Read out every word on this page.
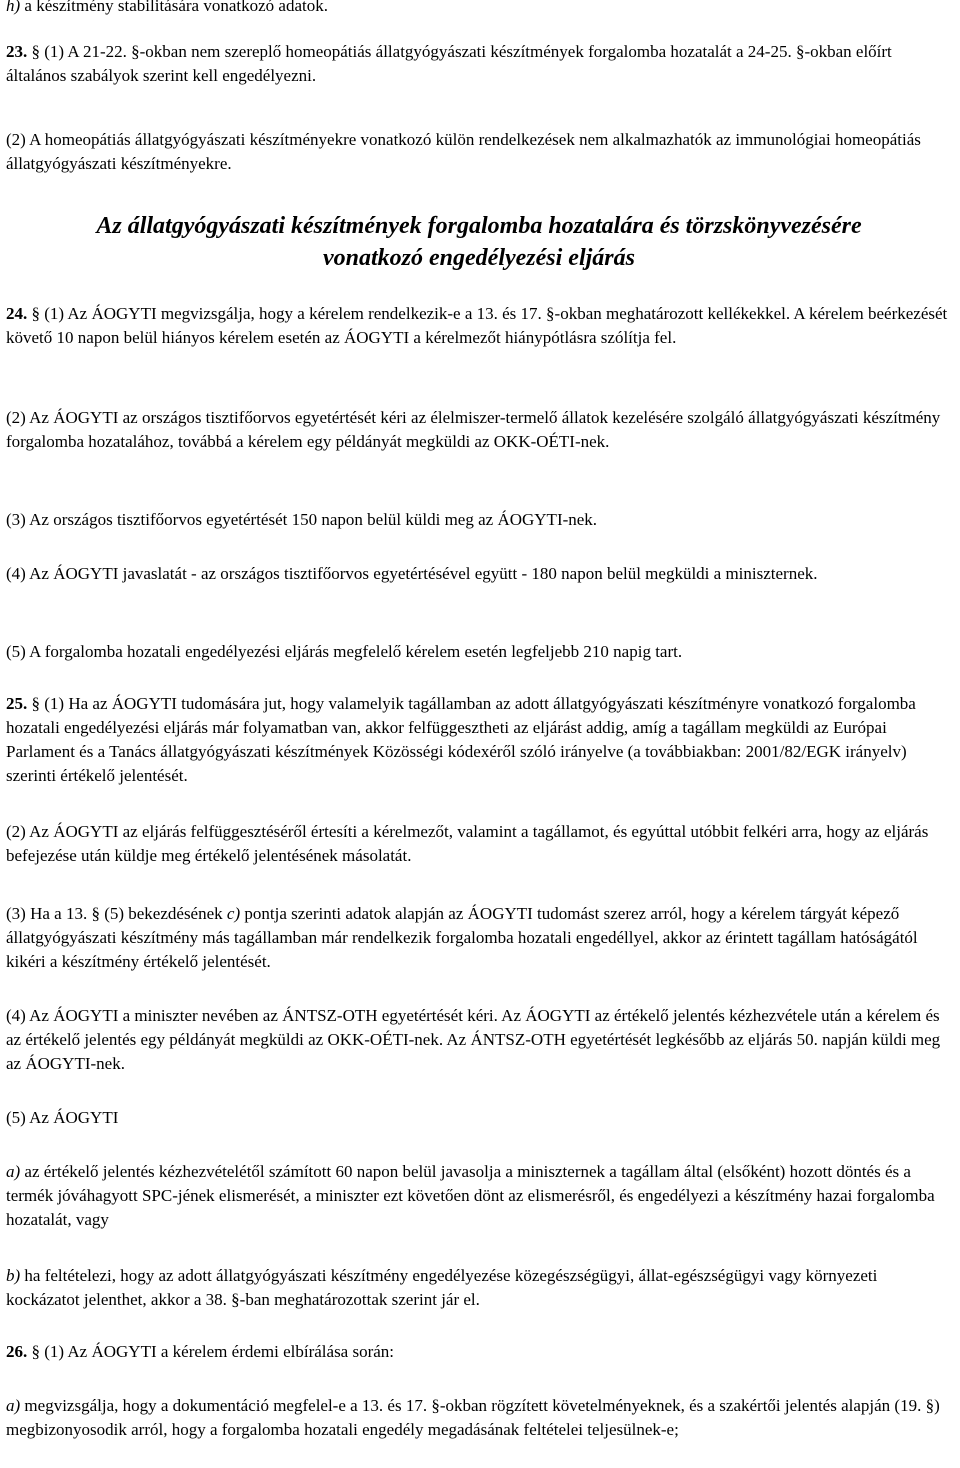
h) a készítmény stabilitására vonatkozó adatok.

23. § (1) A 21-22. §-okban nem szereplő homeopátiás állatgyógyászati készítmények forgalomba hozatalát a 24-25. §-okban előírt általános szabályok szerint kell engedélyezni.

(2) A homeopátiás állatgyógyászati készítményekre vonatkozó külön rendelkezések nem alkalmazhatók az immunológiai homeopátiás állatgyógyászati készítményekre.

Az állatgyógyászati készítmények forgalomba hozatalára és törzskönyvezésére
vonatkozó engedélyezési eljárás

24. § (1) Az ÁOGYTI megvizsgálja, hogy a kérelem rendelkezik-e a 13. és 17. §-okban meghatározott kellékekkel. A kérelem beérkezését követő 10 napon belül hiányos kérelem esetén az ÁOGYTI a kérelmezőt hiánypótlásra szólítja fel.

(2) Az ÁOGYTI az országos tisztifőorvos egyetértését kéri az élelmiszer-termelő állatok kezelésére szolgáló állatgyógyászati készítmény forgalomba hozatalához, továbbá a kérelem egy példányát megküldi az OKK-OÉTI-nek.

(3) Az országos tisztifőorvos egyetértését 150 napon belül küldi meg az ÁOGYTI-nek.

(4) Az ÁOGYTI javaslatát - az országos tisztifőorvos egyetértésével együtt - 180 napon belül megküldi a miniszternek.

(5) A forgalomba hozatali engedélyezési eljárás megfelelő kérelem esetén legfeljebb 210 napig tart.

25. § (1) Ha az ÁOGYTI tudomására jut, hogy valamelyik tagállamban az adott állatgyógyászati készítményre vonatkozó forgalomba hozatali engedélyezési eljárás már folyamatban van, akkor felfüggesztheti az eljárást addig, amíg a tagállam megküldi az Európai Parlament és a Tanács állatgyógyászati készítmények Közösségi kódexéről szóló irányelve (a továbbiakban: 2001/82/EGK irányelv) szerinti értékelő jelentését.

(2) Az ÁOGYTI az eljárás felfüggesztéséről értesíti a kérelmezőt, valamint a tagállamot, és egyúttal utóbbit felkéri arra, hogy az eljárás befejezése után küldje meg értékelő jelentésének másolatát.

(3) Ha a 13. § (5) bekezdésének c) pontja szerinti adatok alapján az ÁOGYTI tudomást szerez arról, hogy a kérelem tárgyát képező állatgyógyászati készítmény más tagállamban már rendelkezik forgalomba hozatali engedéllyel, akkor az érintett tagállam hatóságától kikéri a készítmény értékelő jelentését.

(4) Az ÁOGYTI a miniszter nevében az ÁNTSZ-OTH egyetértését kéri. Az ÁOGYTI az értékelő jelentés kézhezvétele után a kérelem és az értékelő jelentés egy példányát megküldi az OKK-OÉTI-nek. Az ÁNTSZ-OTH egyetértését legkésőbb az eljárás 50. napján küldi meg az ÁOGYTI-nek.

(5) Az ÁOGYTI

a) az értékelő jelentés kézhezvételétől számított 60 napon belül javasolja a miniszternek a tagállam által (elsőként) hozott döntés és a termék jóváhagyott SPC-jének elismerését, a miniszter ezt követően dönt az elismerésről, és engedélyezi a készítmény hazai forgalomba hozatalát, vagy

b) ha feltételezi, hogy az adott állatgyógyászati készítmény engedélyezése közegészségügyi, állat-egészségügyi vagy környezeti kockázatot jelenthet, akkor a 38. §-ban meghatározottak szerint jár el.

26. § (1) Az ÁOGYTI a kérelem érdemi elbírálása során:

a) megvizsgálja, hogy a dokumentáció megfelel-e a 13. és 17. §-okban rögzített követelményeknek, és a szakértői jelentés alapján (19. §) megbizonyosodik arról, hogy a forgalomba hozatali engedély megadásának feltételei teljesülnek-e;
